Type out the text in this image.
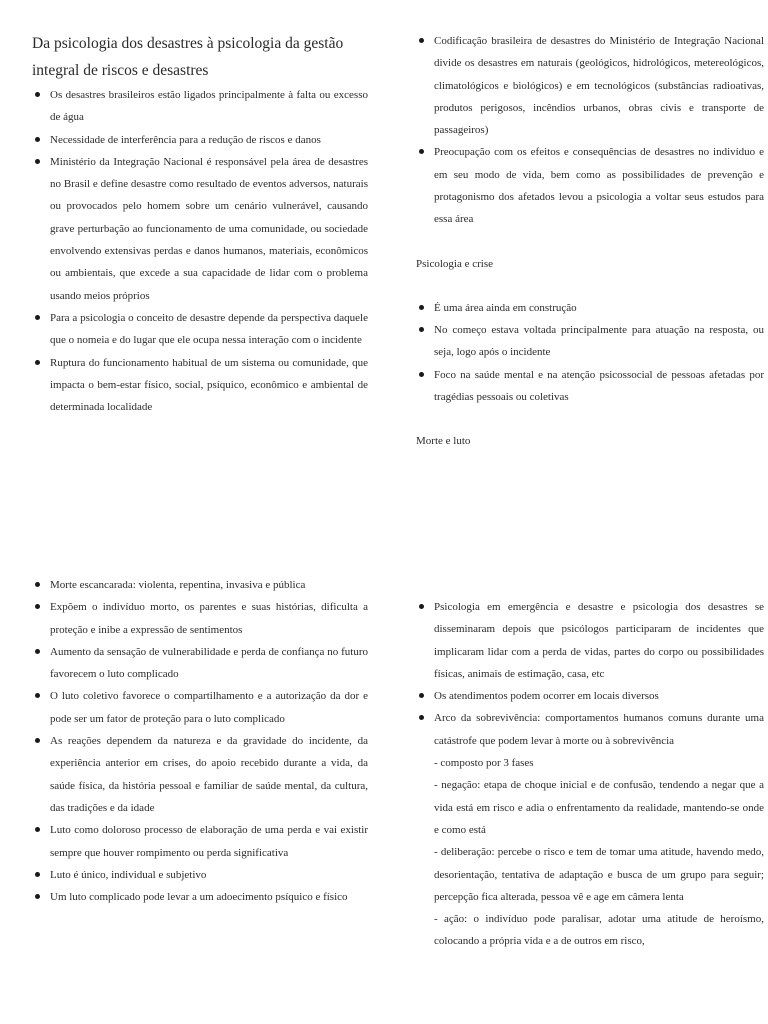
Da psicologia dos desastres à psicologia da gestão integral de riscos e desastres
Os desastres brasileiros estão ligados principalmente à falta ou excesso de água
Necessidade de interferência para a redução de riscos e danos
Ministério da Integração Nacional é responsável pela área de desastres no Brasil e define desastre como resultado de eventos adversos, naturais ou provocados pelo homem sobre um cenário vulnerável, causando grave perturbação ao funcionamento de uma comunidade, ou sociedade envolvendo extensivas perdas e danos humanos, materiais, econômicos ou ambientais, que excede a sua capacidade de lidar com o problema usando meios próprios
Para a psicologia o conceito de desastre depende da perspectiva daquele que o nomeia e do lugar que ele ocupa nessa interação com o incidente
Ruptura do funcionamento habitual de um sistema ou comunidade, que impacta o bem-estar físico, social, psíquico, econômico e ambiental de determinada localidade
Codificação brasileira de desastres do Ministério de Integração Nacional divide os desastres em naturais (geológicos, hidrológicos, metereológicos, climatológicos e biológicos) e em tecnológicos (substâncias radioativas, produtos perigosos, incêndios urbanos, obras civis e transporte de passageiros)
Preocupação com os efeitos e consequências de desastres no indivíduo e em seu modo de vida, bem como as possibilidades de prevenção e protagonismo dos afetados levou a psicologia a voltar seus estudos para essa área

Psicologia e crise

É uma área ainda em construção
No começo estava voltada principalmente para atuação na resposta, ou seja, logo após o incidente
Foco na saúde mental e na atenção psicossocial de pessoas afetadas por tragédias pessoais ou coletivas

Morte e luto

Morte escancarada: violenta, repentina, invasiva e pública
Expõem o indivíduo morto, os parentes e suas histórias, dificulta a proteção e inibe a expressão de sentimentos
Aumento da sensação de vulnerabilidade e perda de confiança no futuro favorecem o luto complicado
O luto coletivo favorece o compartilhamento e a autorização da dor e pode ser um fator de proteção para o luto complicado
As reações dependem da natureza e da gravidade do incidente, da experiência anterior em crises, do apoio recebido durante a vida, da saúde física, da história pessoal e familiar de saúde mental, da cultura, das tradições e da idade
Luto como doloroso processo de elaboração de uma perda e vai existir sempre que houver rompimento ou perda significativa
Luto é único, individual e subjetivo
Um luto complicado pode levar a um adoecimento psíquico e físico
Psicologia em emergência e desastre e psicologia dos desastres se disseminaram depois que psicólogos participaram de incidentes que implicaram lidar com a perda de vidas, partes do corpo ou possibilidades físicas, animais de estimação, casa, etc
Os atendimentos podem ocorrer em locais diversos
Arco da sobrevivência: comportamentos humanos comuns durante uma catástrofe que podem levar à morte ou à sobrevivência
- composto por 3 fases
- negação: etapa de choque inicial e de confusão, tendendo a negar que a vida está em risco e adia o enfrentamento da realidade, mantendo-se onde e como está
- deliberação: percebe o risco e tem de tomar uma atitude, havendo medo, desorientação, tentativa de adaptação e busca de um grupo para seguir; percepção fica alterada, pessoa vê e age em câmera lenta
- ação: o indivíduo pode paralisar, adotar uma atitude de heroísmo, colocando a própria vida e a de outros em risco,
